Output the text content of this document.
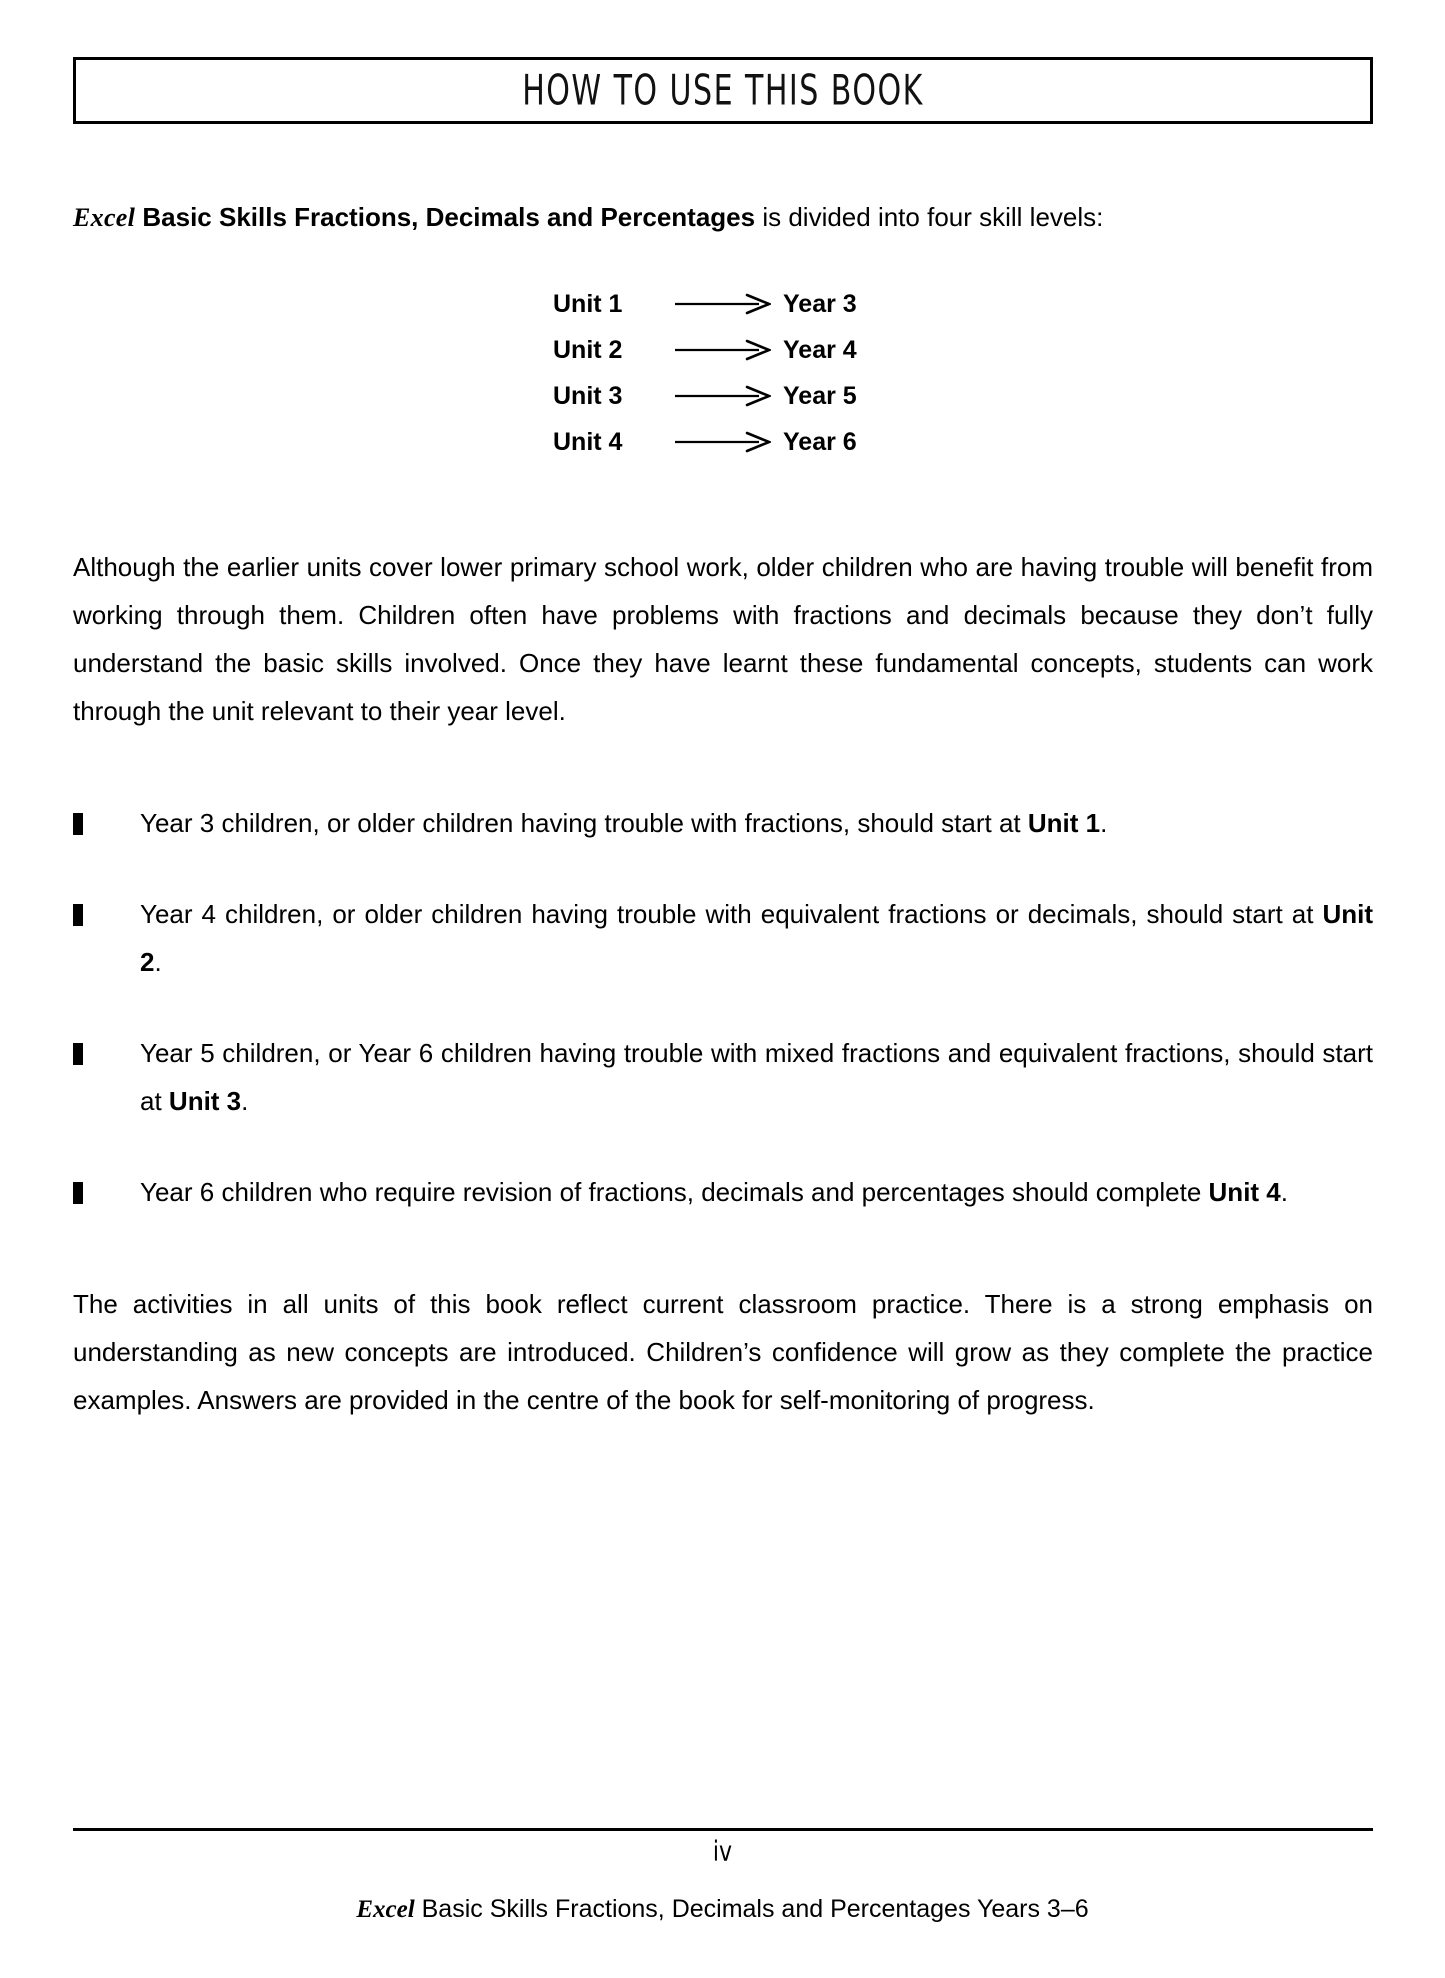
HOW TO USE THIS BOOK

Excel Basic Skills Fractions, Decimals and Percentages is divided into four skill levels:

Unit 1	Year 3
Unit 2	Year 4
Unit 3	Year 5
Unit 4	Year 6

Although the earlier units cover lower primary school work, older children who are having trouble will benefit from working through them. Children often have problems with fractions and decimals because they don’t fully understand the basic skills involved. Once they have learnt these fundamental concepts, students can work through the unit relevant to their year level.

Year 3 children, or older children having trouble with fractions, should start at Unit 1.
Year 4 children, or older children having trouble with equivalent fractions or decimals, should start at Unit 2.
Year 5 children, or Year 6 children having trouble with mixed fractions and equivalent fractions, should start at Unit 3.
Year 6 children who require revision of fractions, decimals and percentages should complete Unit 4.

The activities in all units of this book reflect current classroom practice. There is a strong emphasis on understanding as new concepts are introduced. Children’s confidence will grow as they complete the practice examples. Answers are provided in the centre of the book for self-monitoring of progress.

iv
Excel Basic Skills Fractions, Decimals and Percentages Years 3–6
